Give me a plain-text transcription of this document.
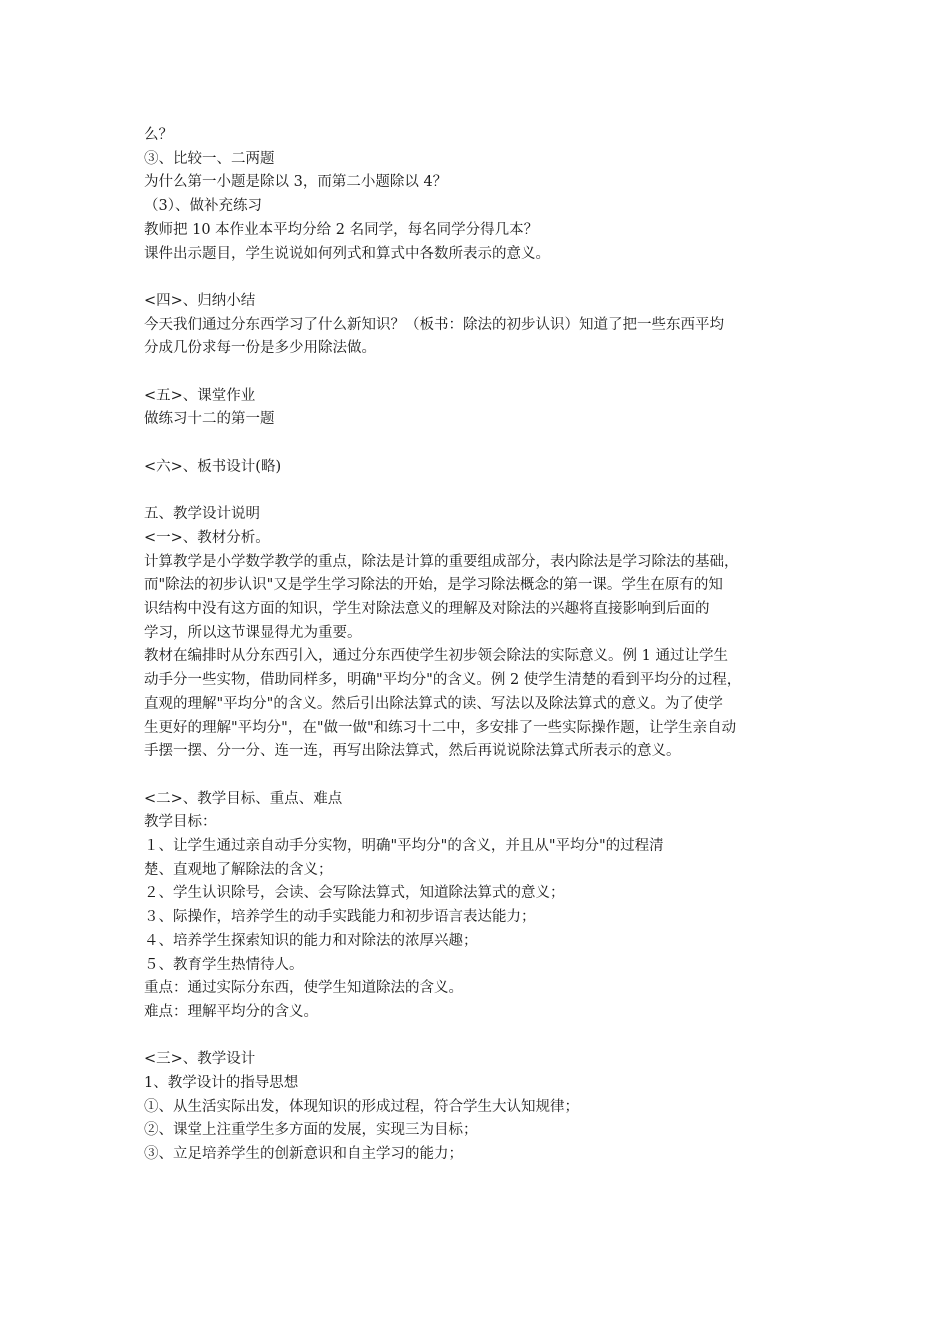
么？
③、比较一、二两题
为什么第一小题是除以 3，而第二小题除以 4？
（3）、做补充练习
教师把 10 本作业本平均分给 2 名同学，每名同学分得几本？
课件出示题目，学生说说如何列式和算式中各数所表示的意义。
<四>、归纳小结
今天我们通过分东西学习了什么新知识？（板书：除法的初步认识）知道了把一些东西平均
分成几份求每一份是多少用除法做。
<五>、课堂作业
做练习十二的第一题
<六>、板书设计(略)
五、教学设计说明
<一>、教材分析。
计算教学是小学数学教学的重点，除法是计算的重要组成部分，表内除法是学习除法的基础，
而"除法的初步认识"又是学生学习除法的开始，是学习除法概念的第一课。学生在原有的知
识结构中没有这方面的知识，学生对除法意义的理解及对除法的兴趣将直接影响到后面的
学习，所以这节课显得尤为重要。
教材在编排时从分东西引入，通过分东西使学生初步领会除法的实际意义。例 1 通过让学生
动手分一些实物，借助同样多，明确"平均分"的含义。例 2 使学生清楚的看到平均分的过程，
直观的理解"平均分"的含义。然后引出除法算式的读、写法以及除法算式的意义。为了使学
生更好的理解"平均分"，在"做一做"和练习十二中，多安排了一些实际操作题，让学生亲自动
手摆一摆、分一分、连一连，再写出除法算式，然后再说说除法算式所表示的意义。
<二>、教学目标、重点、难点
教学目标：
１、让学生通过亲自动手分实物，明确"平均分"的含义，并且从"平均分"的过程清
楚、直观地了解除法的含义；
２、学生认识除号，会读、会写除法算式，知道除法算式的意义；
３、际操作，培养学生的动手实践能力和初步语言表达能力；
４、培养学生探索知识的能力和对除法的浓厚兴趣；
５、教育学生热情待人。
重点：通过实际分东西，使学生知道除法的含义。
难点：理解平均分的含义。
<三>、教学设计
1、教学设计的指导思想
①、从生活实际出发，体现知识的形成过程，符合学生大认知规律；
②、课堂上注重学生多方面的发展，实现三为目标；
③、立足培养学生的创新意识和自主学习的能力；
